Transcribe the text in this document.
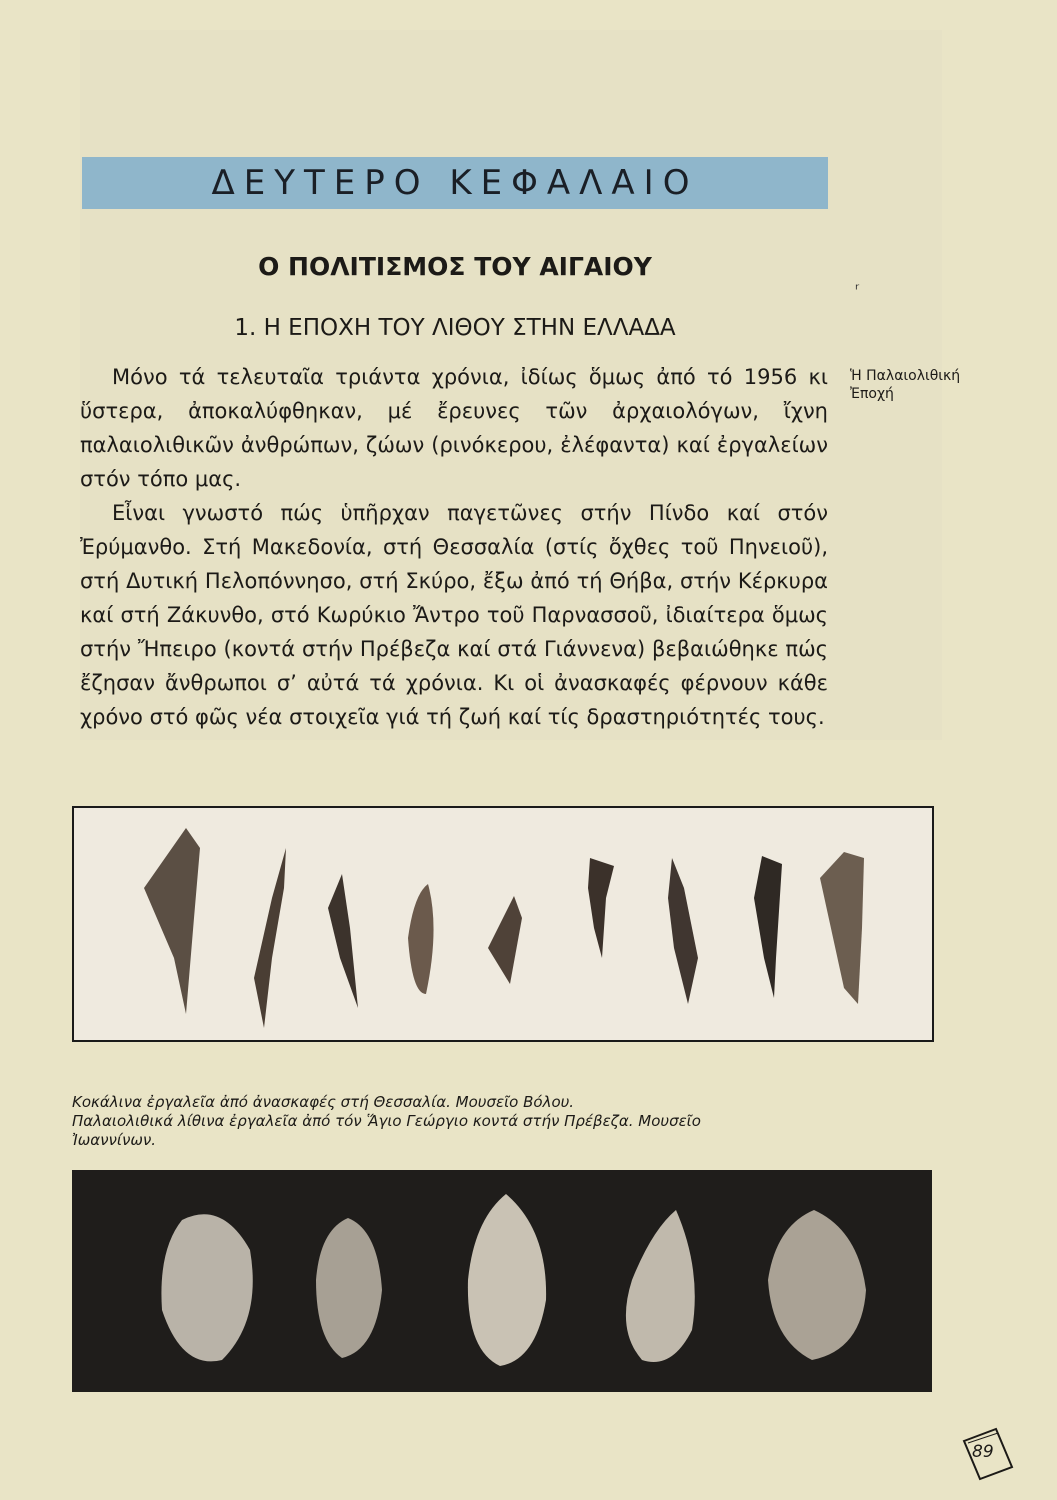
ΔΕΥΤΕΡΟ ΚΕΦΑΛΑΙΟ
Ο ΠΟΛΙΤΙΣΜΟΣ ΤΟΥ ΑΙΓΑΙΟΥ
1. Η ΕΠΟΧΗ ΤΟΥ ΛΙΘΟΥ ΣΤΗΝ ΕΛΛΑΔΑ
ʳ

Μόνο τά τελευταῖα τριάντα χρόνια, ἰδίως ὅμως ἀπό τό 1956 κι ὕστερα, ἀποκαλύφθηκαν, μέ ἔρευνες τῶν ἀρχαιολόγων, ἴχνη παλαιολιθικῶν ἀνθρώπων, ζώων (ρινόκερου, ἐλέφαντα) καί ἐργαλείων στόν τόπο μας.

Εἶναι γνωστό πώς ὑπῆρχαν παγετῶνες στήν Πίνδο καί στόν Ἐρύμανθο. Στή Μακεδονία, στή Θεσσαλία (στίς ὄχθες τοῦ Πηνειοῦ), στή Δυτική Πελοπόννησο, στή Σκύρο, ἔξω ἀπό τή Θήβα, στήν Κέρκυρα καί στή Ζάκυνθο, στό Κωρύκιο Ἄντρο τοῦ Παρνασσοῦ, ἰδιαίτερα ὅμως στήν Ἤπειρο (κοντά στήν Πρέβεζα καί στά Γιάννενα) βεβαιώθηκε πώς ἔζησαν ἄνθρωποι σ’ αὐτά τά χρόνια. Κι οἱ ἀνασκαφές φέρνουν κάθε χρόνο στό φῶς νέα στοιχεῖα γιά τή ζωή καί τίς δραστηριότητές τους.

Ἡ Παλαιολιθική
Ἐποχή
Κοκάλινα ἐργαλεῖα ἀπό ἀνασκαφές στή Θεσσαλία. Μουσεῖο Βόλου.
Παλαιολιθικά λίθινα ἐργαλεῖα ἀπό τόν Ἅγιο Γεώργιο κοντά στήν Πρέβεζα. Μουσεῖο
Ἰωαννίνων.
89
